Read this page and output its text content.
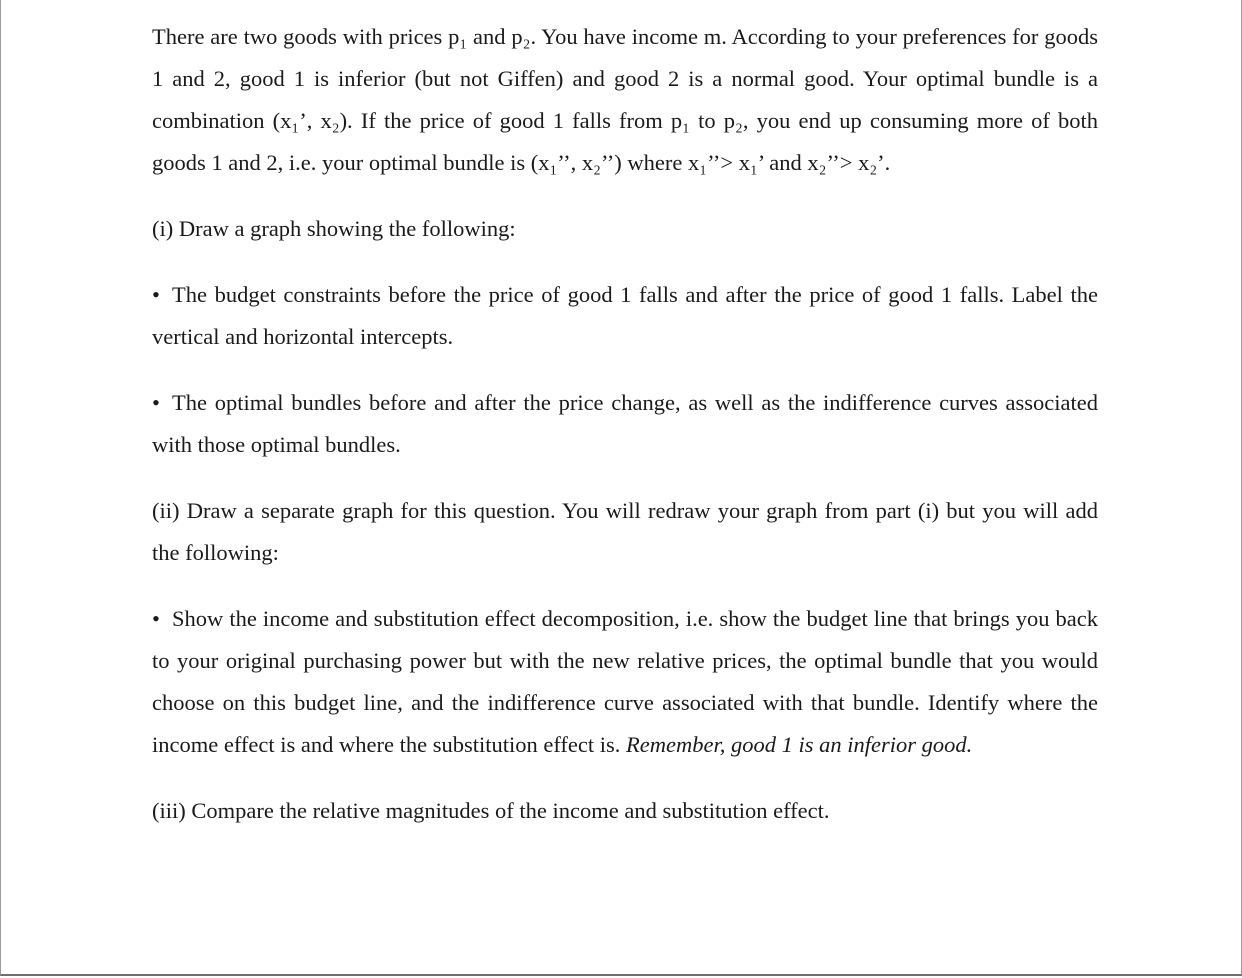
There are two goods with prices p₁ and p₂. You have income m. According to your preferences for goods 1 and 2, good 1 is inferior (but not Giffen) and good 2 is a normal good. Your optimal bundle is a combination (x₁’, x₂). If the price of good 1 falls from p₁ to p₂, you end up consuming more of both goods 1 and 2, i.e. your optimal bundle is (x₁’’, x₂’’) where x₁’’> x₁’ and x₂’’> x₂’.

(i) Draw a graph showing the following:

• The budget constraints before the price of good 1 falls and after the price of good 1 falls. Label the vertical and horizontal intercepts.

• The optimal bundles before and after the price change, as well as the indifference curves associated with those optimal bundles.

(ii) Draw a separate graph for this question. You will redraw your graph from part (i) but you will add the following:

• Show the income and substitution effect decomposition, i.e. show the budget line that brings you back to your original purchasing power but with the new relative prices, the optimal bundle that you would choose on this budget line, and the indifference curve associated with that bundle. Identify where the income effect is and where the substitution effect is. Remember, good 1 is an inferior good.

(iii) Compare the relative magnitudes of the income and substitution effect.
